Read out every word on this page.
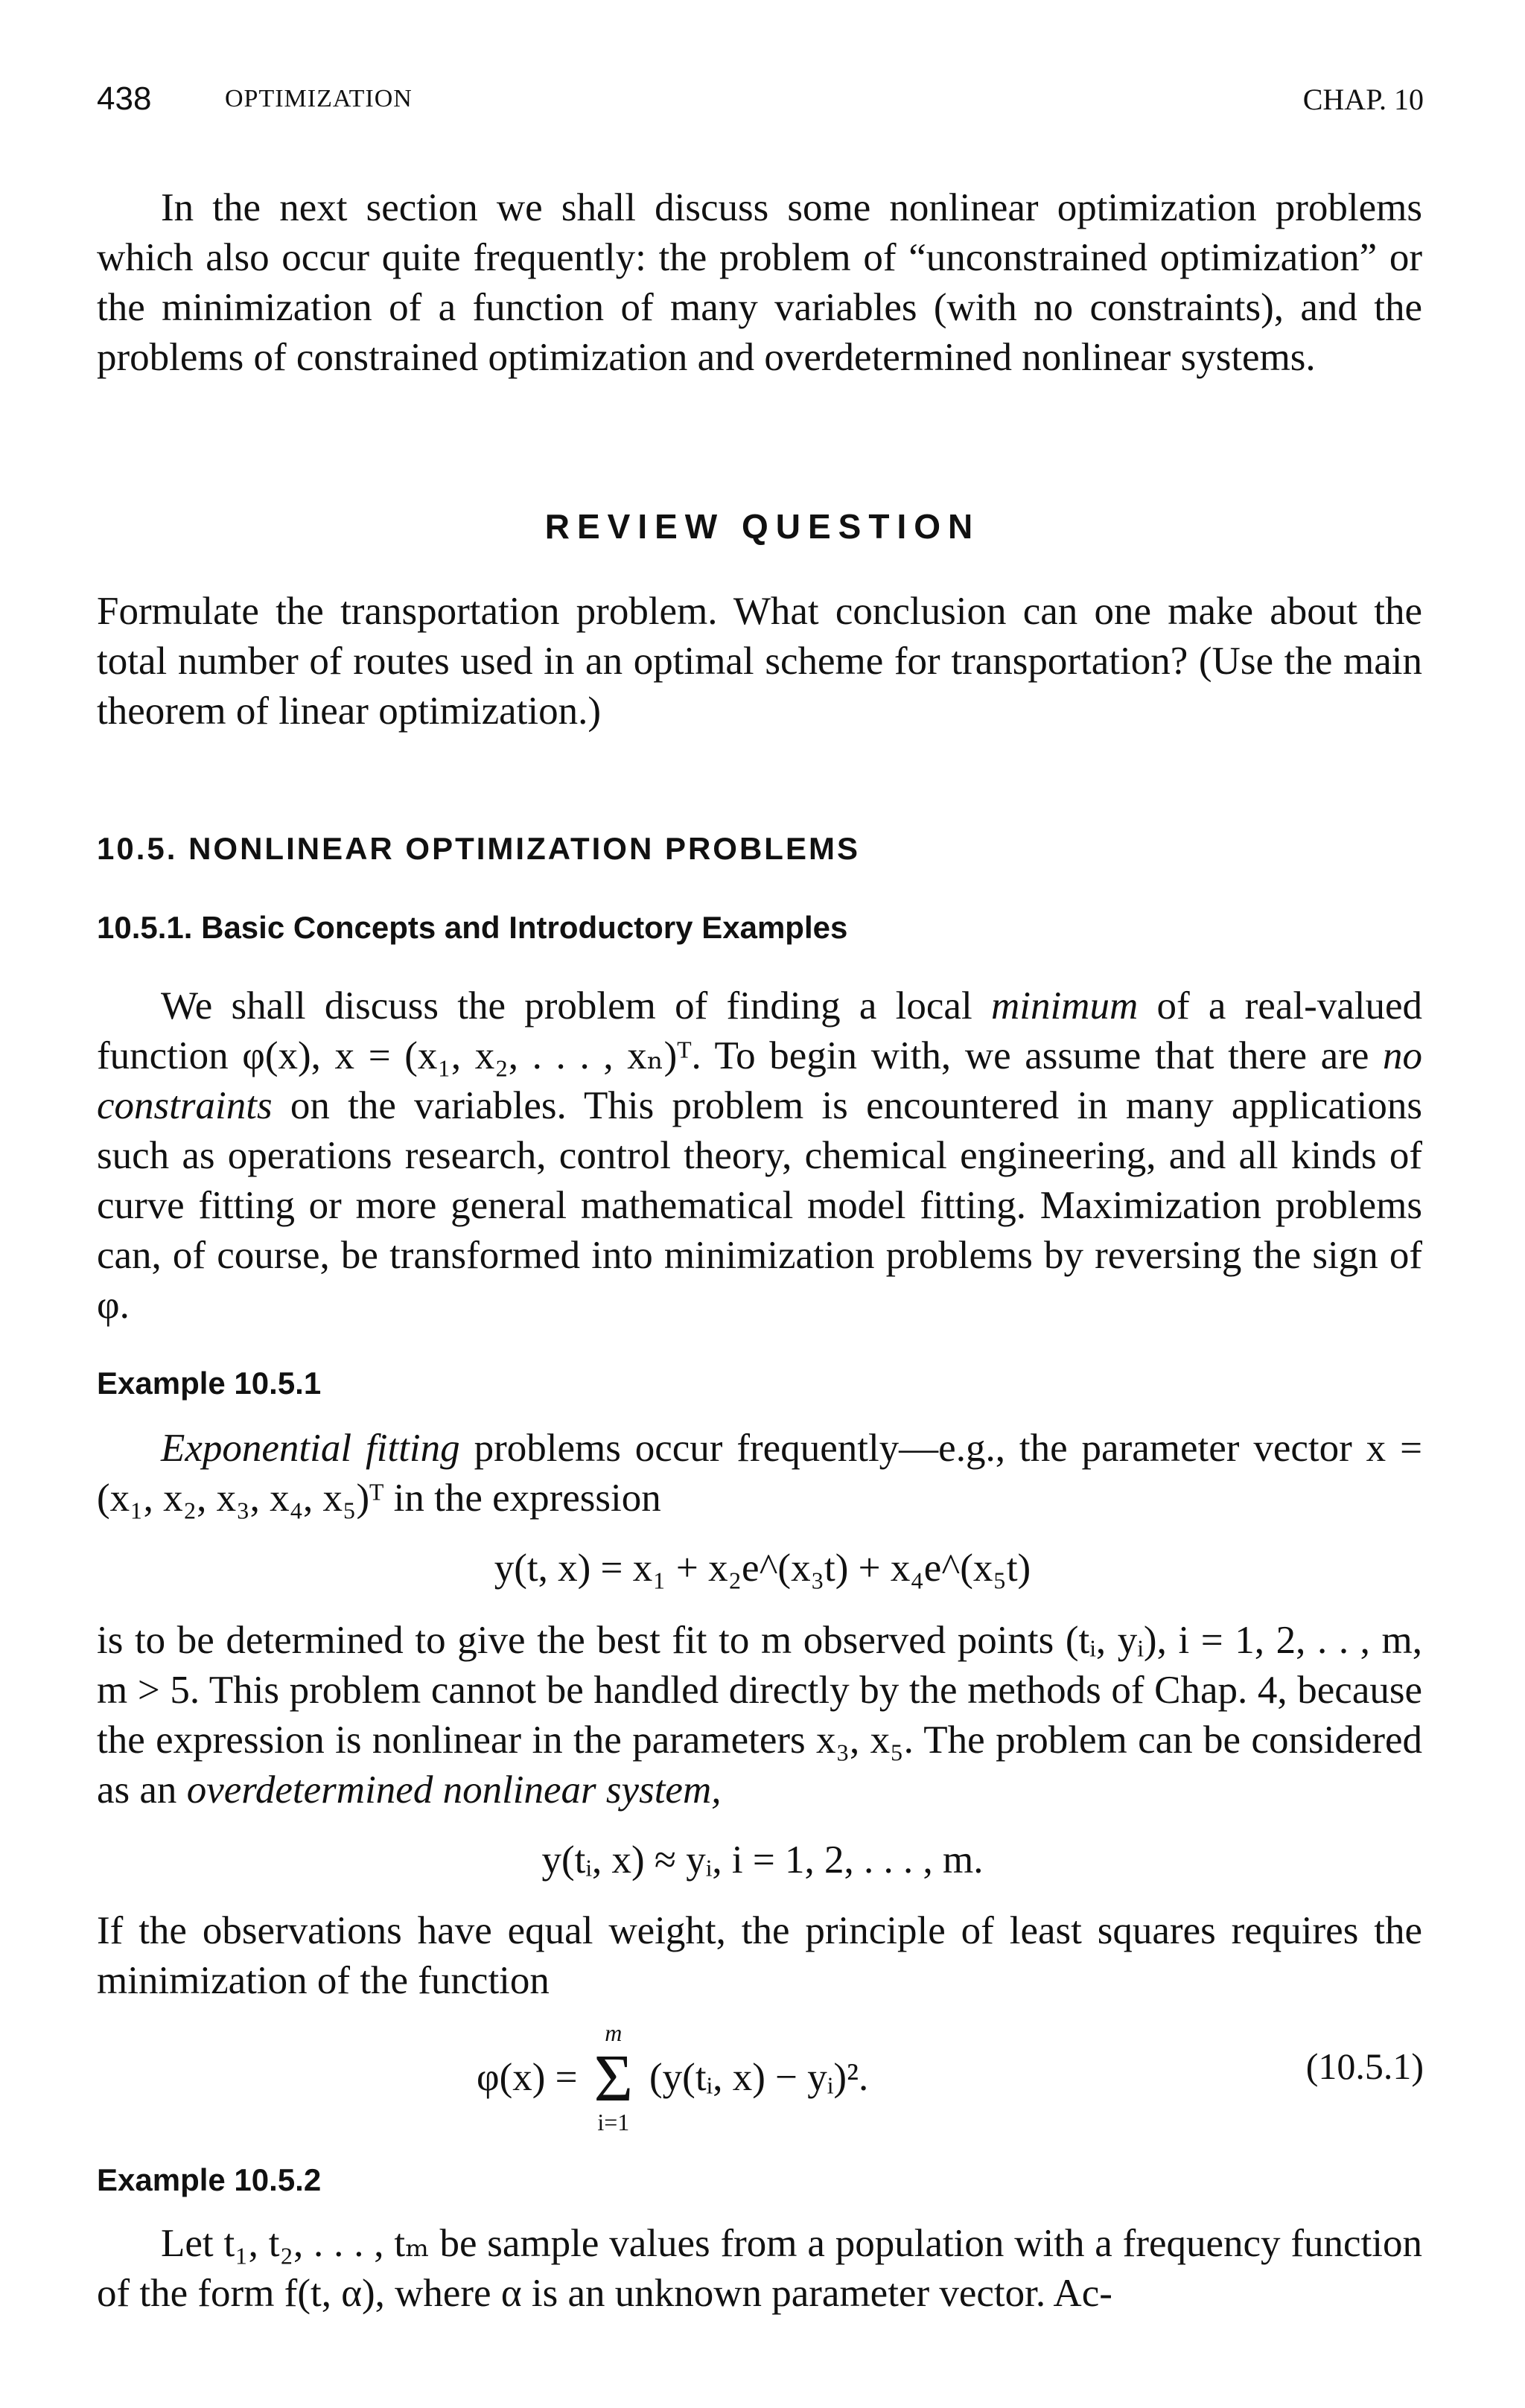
438	OPTIMIZATION	CHAP. 10

In the next section we shall discuss some nonlinear optimization problems which also occur quite frequently: the problem of “unconstrained optimization” or the minimization of a function of many variables (with no constraints), and the problems of constrained optimization and overdetermined nonlinear systems.

REVIEW QUESTION

Formulate the transportation problem. What conclusion can one make about the total number of routes used in an optimal scheme for transportation? (Use the main theorem of linear optimization.)

10.5. NONLINEAR OPTIMIZATION PROBLEMS
10.5.1. Basic Concepts and Introductory Examples

We shall discuss the problem of finding a local minimum of a real-valued function φ(x), x = (x₁, x₂, . . . , xₙ)ᵀ. To begin with, we assume that there are no constraints on the variables. This problem is encountered in many applications such as operations research, control theory, chemical engineering, and all kinds of curve fitting or more general mathematical model fitting. Maximization problems can, of course, be transformed into minimization problems by reversing the sign of φ.

Example 10.5.1

Exponential fitting problems occur frequently—e.g., the parameter vector x = (x₁, x₂, x₃, x₄, x₅)ᵀ in the expression

y(t, x) = x₁ + x₂e^(x₃t) + x₄e^(x₅t)

is to be determined to give the best fit to m observed points (tᵢ, yᵢ), i = 1, 2, . . , m, m > 5. This problem cannot be handled directly by the methods of Chap. 4, because the expression is nonlinear in the parameters x₃, x₅. The problem can be considered as an overdetermined nonlinear system,

y(tᵢ, x) ≈ yᵢ, i = 1, 2, . . . , m.

If the observations have equal weight, the principle of least squares requires the minimization of the function

φ(x) =
m
Σ
i=1
(y(tᵢ, x) − yᵢ)².	(10.5.1)
Example 10.5.2

Let t₁, t₂, . . . , tₘ be sample values from a population with a frequency function of the form f(t, α), where α is an unknown parameter vector. Ac-
